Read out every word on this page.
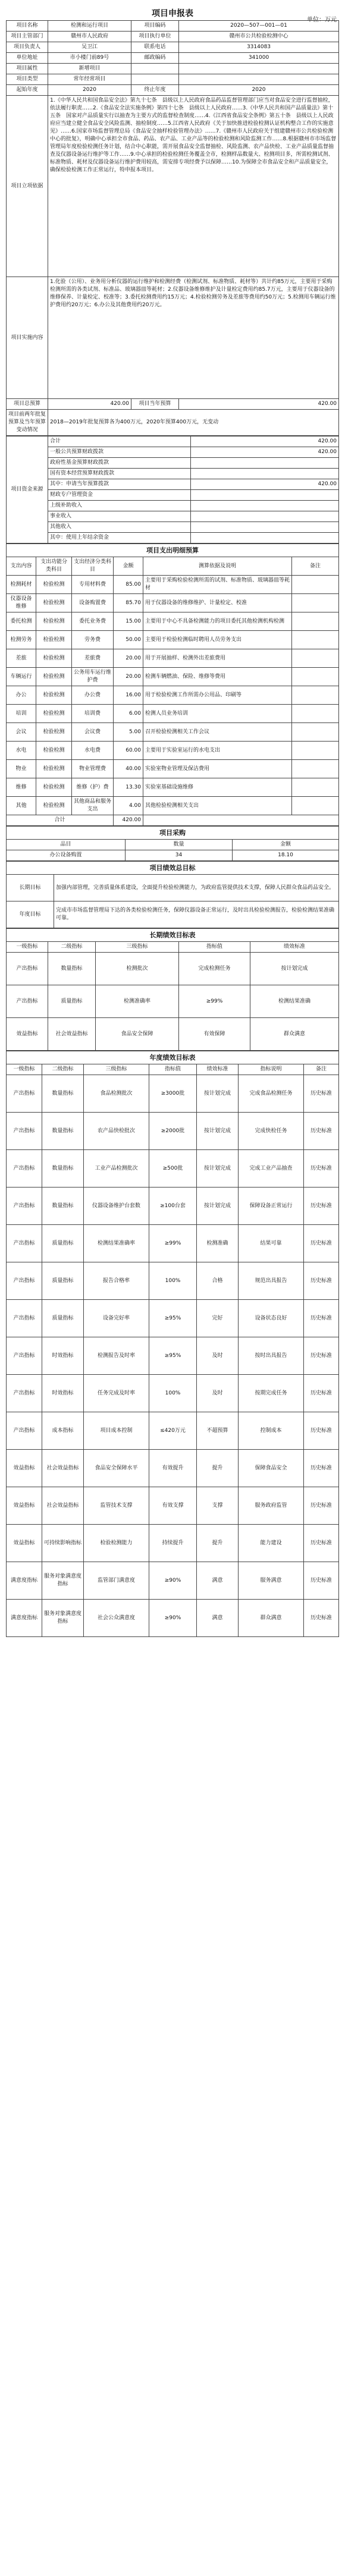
项目申报表
单位：万元
项目名称	检测和运行项目	项目编码	2020—507—001—01
项目主管部门	赣州市人民政府	项目执行单位	赣州市公共检验检测中心
项目负责人	吴卫江	联系电话	3314083
单位地址	市小楼门前89号	邮政编码	341000
项目属性	新增项目		
项目类型	常年经常项目		
起始年度	2020	终止年度	2020
项目立项依据	1.《中华人民共和国食品安全法》第九十七条　县级以上人民政府食品药品监督管理部门应当对食品安全进行监督抽检，依法履行职责……2.《食品安全法实施条例》第四十七条　县级以上人民政府……3.《中华人民共和国产品质量法》第十五条　国家对产品质量实行以抽查为主要方式的监督检查制度……4.《江西省食品安全条例》第五十条　县级以上人民政府应当建立健全食品安全风险监测、抽检制度……5.江西省人民政府《关于加快推进检验检测认证机构整合工作的实施意见》……6.国家市场监督管理总局《食品安全抽样检验管理办法》……7.《赣州市人民政府关于组建赣州市公共检验检测中心的批复》，明确中心承担全市食品、药品、农产品、工业产品等的检验检测和风险监测工作……8.根据赣州市市场监督管理局年度检验检测任务计划，结合中心职能，需开展食品安全监督抽检、风险监测、农产品快检、工业产品质量监督抽查及仪器设备运行维护等工作……9.中心承担的检验检测任务覆盖全市，检测样品数量大、检测项目多，所需检测试剂、标准物质、耗材及仪器设备运行维护费用较高，需安排专项经费予以保障……10.为保障全市食品安全和产品质量安全，确保检验检测工作正常运行，特申报本项目。		
项目实施内容	1.化验（公用）、业务用分析仪器的运行维护和检测经费（检测试剂、标准物质、耗材等）共计约85万元，主要用于采购检测所需的各类试剂、标准品、玻璃器皿等耗材；2.仪器设备维修维护及计量检定费用约85.7万元，主要用于仪器设备的维修保养、计量检定、校准等；3.委托检测费用约15万元；4.检验检测劳务及差旅等费用约50万元；5.检测用车辆运行维护费用约20万元；6.办公及其他费用约20万元。		
项目总预算	420.00	项目当年预算	420.00
项目前两年批复预算及当年预算变动情况	2018—2019年批复预算各为400万元，2020年预算400万元，无变动		
项目资金来源	合计	420.00
	一般公共预算财政拨款	420.00
	政府性基金预算财政拨款	
	国有资本经营预算财政拨款	
	其中：申请当年预算拨款	420.00
	财政专户管理资金	
	上级补助收入	
	事业收入	
	其他收入	
	其中：使用上年结余资金	
项目支出明细预算					
支出内容	支出功能分类科目	支出经济分类科目	金额	测算依据及说明	备注
检测耗材	检验检测	专用材料费	85.00	主要用于采购检验检测所需的试剂、标准物质、玻璃器皿等耗材	
仪器设备维修	检验检测	设备购置费	85.70	用于仪器设备的维修维护、计量检定、校准	
委托检测	检验检测	委托业务费	15.00	主要用于中心不具备检测能力的项目委托其他检测机构检测	
检测劳务	检验检测	劳务费	50.00	主要用于检验检测临时聘用人员劳务支出	
差旅	检验检测	差旅费	20.00	用于开展抽样、检测外出差旅费用	
车辆运行	检验检测	公务用车运行维护费	20.00	检测车辆燃油、保险、维修等费用	
办公	检验检测	办公费	16.00	用于检验检测工作所需办公用品、印刷等	
培训	检验检测	培训费	6.00	检测人员业务培训	
会议	检验检测	会议费	5.00	召开检验检测相关工作会议	
水电	检验检测	水电费	60.00	主要用于实验室运行的水电支出	
物业	检验检测	物业管理费	40.00	实验室物业管理及保洁费用	
维修	检验检测	维修（护）费	13.30	实验室基础设施维修	
其他	检验检测	其他商品和服务支出	4.00	其他检验检测相关支出	
合计			420.00		
项目采购		
品目	数量	金额
办公设备购置	34	18.10
项目绩效总目标	
长期目标	加强内部管理，完善质量体系建设，全面提升检验检测能力，为政府监管提供技术支撑，保障人民群众食品药品安全。
年度目标	完成市市场监督管理局下达的各类检验检测任务，保障仪器设备正常运行，及时出具检验检测报告，检验检测结果准确可靠。
长期绩效目标表				
一级指标	二级指标	三级指标	指标值	绩效标准
产出指标	数量指标	检测批次	完成检测任务	按计划完成
产出指标	质量指标	检测准确率	≥99%	检测结果准确
效益指标	社会效益指标	食品安全保障	有效保障	群众满意
年度绩效目标表						
一级指标	二级指标	三级指标	指标值	绩效标准	指标说明	备注
产出指标	数量指标	食品检测批次	≥3000批	按计划完成	完成食品检测任务	历史标准
产出指标	数量指标	农产品快检批次	≥2000批	按计划完成	完成快检任务	历史标准
产出指标	数量指标	工业产品检测批次	≥500批	按计划完成	完成工业产品抽查	历史标准
产出指标	数量指标	仪器设备维护台套数	≥100台套	按计划完成	保障设备正常运行	历史标准
产出指标	质量指标	检测结果准确率	≥99%	检测准确	结果可靠	历史标准
产出指标	质量指标	报告合格率	100%	合格	规范出具报告	历史标准
产出指标	质量指标	设备完好率	≥95%	完好	设备状态良好	历史标准
产出指标	时效指标	检测报告及时率	≥95%	及时	按时出具报告	历史标准
产出指标	时效指标	任务完成及时率	100%	及时	按期完成任务	历史标准
产出指标	成本指标	项目成本控制	≤420万元	不超预算	控制成本	历史标准
效益指标	社会效益指标	食品安全保障水平	有效提升	提升	保障食品安全	历史标准
效益指标	社会效益指标	监管技术支撑	有效支撑	支撑	服务政府监管	历史标准
效益指标	可持续影响指标	检验检测能力	持续提升	提升	能力建设	历史标准
满意度指标	服务对象满意度指标	监管部门满意度	≥90%	满意	服务满意	历史标准
满意度指标	服务对象满意度指标	社会公众满意度	≥90%	满意	群众满意	历史标准
